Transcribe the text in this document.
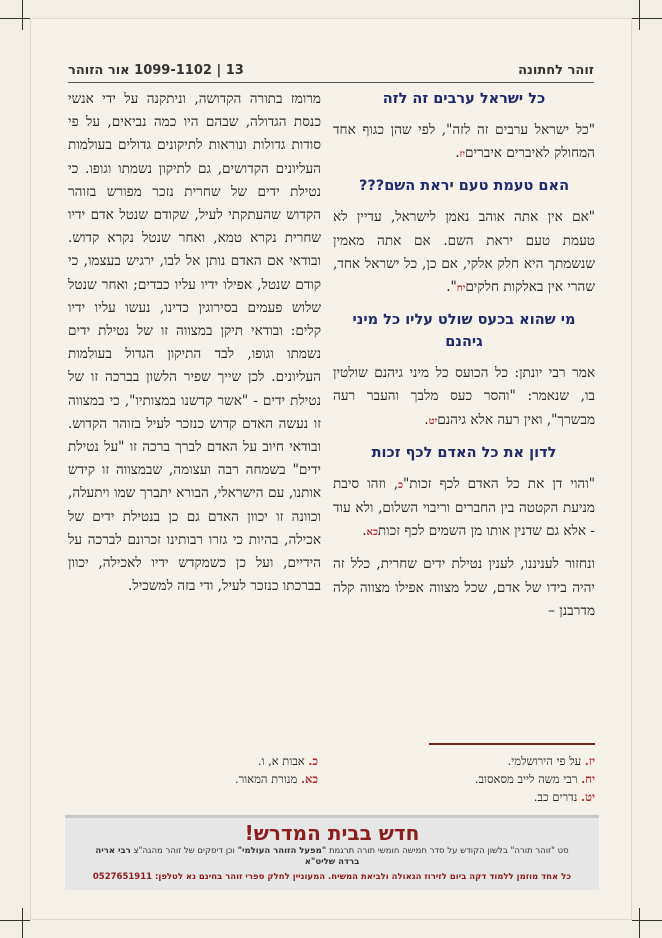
זוהר לחתונה
13 | 1099-1102 אור הזוהר
כל ישראל ערבים זה לזה

"כל ישראל ערבים זה לזה", לפי שהן כגוף אחד המחולק לאיברים איבריםיז.

האם טעמת טעם יראת השם???

"אם אין אתה אוהב נאמן לישראל, עדיין לא טעמת טעם יראת השם. אם אתה מאמין שנשמתך היא חלק אלקי, אם כן, כל ישראל אחד, שהרי אין באלקות חלקיםיח".

מי שהוא בכעס שולט עליו כל מיני גיהנם

אמר רבי יונתן: כל הכועס כל מיני גיהנם שולטין בו, שנאמר: "והסר כעס מלבך והעבר רעה מבשרך", ואין רעה אלא גיהנםיט.

לדון את כל האדם לכף זכות

"והוי דן את כל האדם לכף זכות"כ, וזהו סיבת מניעת הקטטה בין החברים וריבוי השלום, ולא עוד - אלא גם שדנין אותו מן השמים לכף זכותכא.

ונחזור לעניננו, לענין נטילת ידים שחרית, כלל זה יהיה בידו של אדם, שכל מצווה אפילו מצווה קלה מדרבנן –

מרומז בתורה הקדושה, וניתקנה על ידי אנשי כנסת הגדולה, שבהם היו כמה נביאים, על פי סודות גדולות ונוראות לתיקונים גדולים בעולמות העליונים הקדושים, גם לתיקון נשמתו וגופו. כי נטילת ידים של שחרית נזכר מפורש בזוהר הקדוש שהעתקתי לעיל, שקודם שנטל אדם ידיו שחרית נקרא טמא, ואחר שנטל נקרא קדוש. ובודאי אם האדם נותן אל לבו, ירגיש בעצמו, כי קודם שנטל, אפילו ידיו עליו כבדים; ואחר שנטל שלוש פעמים בסירוגין כדינו, נעשו עליו ידיו קלים: ובודאי תיקן במצווה זו של נטילת ידים נשמתו וגופו, לבד התיקון הגדול בעולמות העליונים. לכן שייך שפיר הלשון בברכה זו של נטילת ידים - "אשר קדשנו במצותיו", כי במצווה זו נעשה האדם קדוש כנזכר לעיל בזוהר הקדוש. ובודאי חיוב על האדם לברך ברכה זו "על נטילת ידים" בשמחה רבה ועצומה, שבמצווה זו קידש אותנו, עם הישראלי, הבורא יתברך שמו ויתעלה, וכוונה זו יכוון האדם גם כן בנטילת ידים של אכילה, בהיות כי גזרו רבותינו זכרונם לברכה על הידיים, ועל כן כשמקדש ידיו לאכילה, יכוון בברכתו כנזכר לעיל, ודי בזה למשכיל.

יז. על פי הירושלמי.
יח. רבי משה לייב מסאסוב.
יט. נדרים כב.
כ. אבות א, ו.
כא. מנורת המאור.
חדש בבית המדרש!
סט "זוהר תורה" בלשון הקודש על סדר חמישה חומשי תורה תרגמת "מפעל הזוהר העולמי" וכן דיסקים של זוהר מהגה"צ רבי אריה
ברדה שליט"א
כל אחד מוזמן ללמוד דקה ביום לזירוז הגאולה ולביאת המשיח. המעוניין לחלק ספרי זוהר בחינם נא לטלפן: 0527651911
